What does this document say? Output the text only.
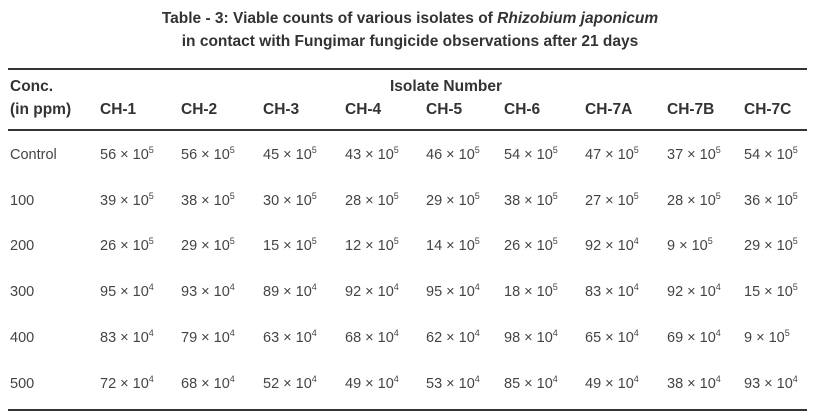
Table - 3: Viable counts of various isolates of Rhizobium japonicum
in contact with Fungimar fungicide observations after 21 days
Conc.
(in ppm)
Isolate Number
CH-1	CH-2	CH-3	CH-4	CH-5	CH-6	CH-7A CH-7B CH-7C
Control	$56 \times 10^5$ $56 \times 10^5$ $45 \times 10^5$ $43 \times 10^5$ $46 \times 10^5$ $54 \times 10^5$ $47 \times 10^5$ $37 \times 10^5$ $54 \times 10^5$
100	$39 \times 10^5$ $38 \times 10^5$ $30 \times 10^5$ $28 \times 10^5$ $29 \times 10^5$ $38 \times 10^5$ $27 \times 10^5$ $28 \times 10^5$ $36 \times 10^5$
200	$26 \times 10^5$ $29 \times 10^5$ $15 \times 10^5$ $12 \times 10^5$ $14 \times 10^5$ $26 \times 10^5$ $92 \times 10^4$ $9 \times 10^5$ $29 \times 10^5$
300	$95 \times 10^4$ $93 \times 10^4$ $89 \times 10^4$ $92 \times 10^4$ $95 \times 10^4$ $18 \times 10^5$ $83 \times 10^4$ $92 \times 10^4$ $15 \times 10^5$
400	$83 \times 10^4$ $79 \times 10^4$ $63 \times 10^4$ $68 \times 10^4$ $62 \times 10^4$ $98 \times 10^4$ $65 \times 10^4$ $69 \times 10^4$ $9 \times 10^5$
500	$72 \times 10^4$ $68 \times 10^4$ $52 \times 10^4$ $49 \times 10^4$ $53 \times 10^4$ $85 \times 10^4$ $49 \times 10^4$ $38 \times 10^4$ $93 \times 10^4$
